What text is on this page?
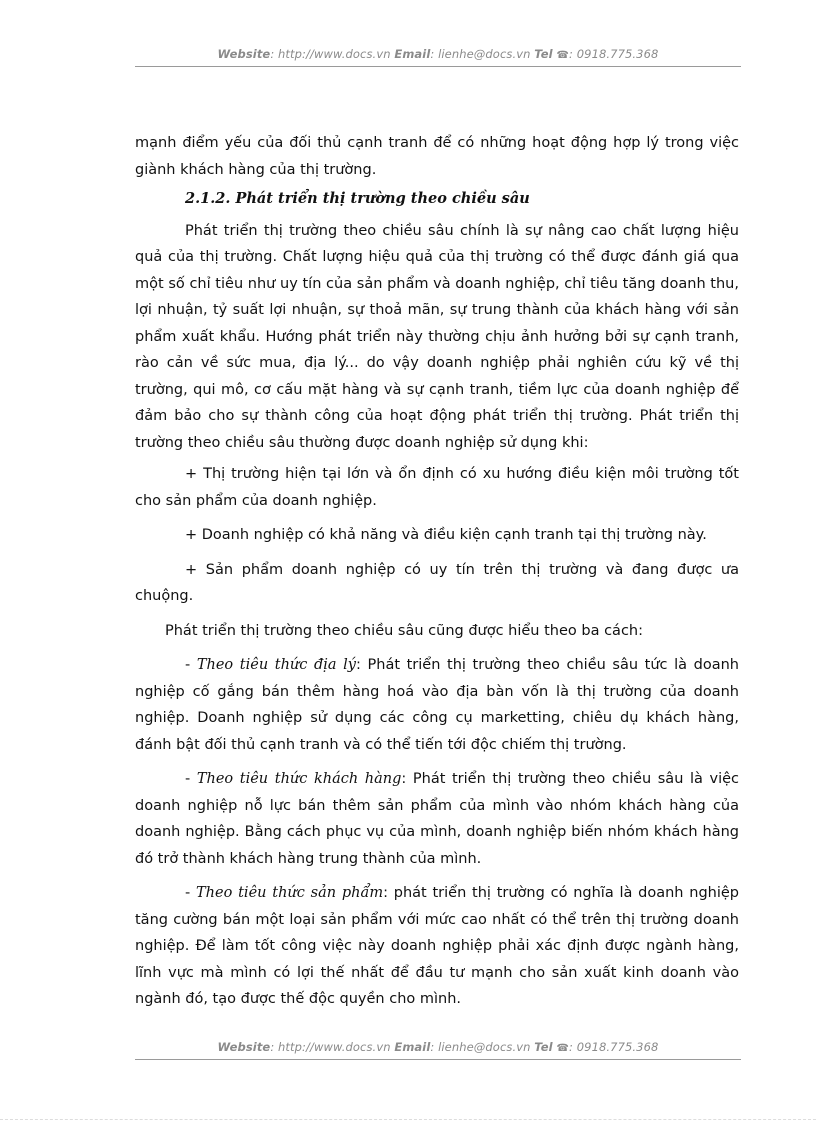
Website: http://www.docs.vn Email: lienhe@docs.vn Tel ☎: 0918.775.368

mạnh điểm yếu của đối thủ cạnh tranh để có những hoạt động hợp lý trong việc giành khách hàng của thị trường.

2.1.2. Phát triển thị trường theo chiều sâu

Phát triển thị trường theo chiều sâu chính là sự nâng cao chất lượng hiệu quả của thị trường. Chất lượng hiệu quả của thị trường có thể được đánh giá qua một số chỉ tiêu như uy tín của sản phẩm và doanh nghiệp, chỉ tiêu tăng doanh thu, lợi nhuận, tỷ suất lợi nhuận, sự thoả mãn, sự trung thành của khách hàng với sản phẩm xuất khẩu. Hướng phát triển này thường chịu ảnh hưởng bởi sự cạnh tranh, rào cản về sức mua, địa lý... do vậy doanh nghiệp phải nghiên cứu kỹ về thị trường, qui mô, cơ cấu mặt hàng và sự cạnh tranh, tiềm lực của doanh nghiệp để đảm bảo cho sự thành công của hoạt động phát triển thị trường. Phát triển thị trường theo chiều sâu thường được doanh nghiệp sử dụng khi:

+ Thị trường hiện tại lớn và ổn định có xu hướng điều kiện môi trường tốt cho sản phẩm của doanh nghiệp.

+ Doanh nghiệp có khả năng và điều kiện cạnh tranh tại thị trường này.

+ Sản phẩm doanh nghiệp có uy tín trên thị trường và đang được ưa chuộng.

Phát triển thị trường theo chiều sâu cũng được hiểu theo ba cách:

- Theo tiêu thức địa lý: Phát triển thị trường theo chiều sâu tức là doanh nghiệp cố gắng bán thêm hàng hoá vào địa bàn vốn là thị trường của doanh nghiệp. Doanh nghiệp sử dụng các công cụ marketting, chiêu dụ khách hàng, đánh bật đối thủ cạnh tranh và có thể tiến tới độc chiếm thị trường.

- Theo tiêu thức khách hàng: Phát triển thị trường theo chiều sâu là việc doanh nghiệp nỗ lực bán thêm sản phẩm của mình vào nhóm khách hàng của doanh nghiệp. Bằng cách phục vụ của mình, doanh nghiệp biến nhóm khách hàng đó trở thành khách hàng trung thành của mình.

- Theo tiêu thức sản phẩm: phát triển thị trường có nghĩa là doanh nghiệp tăng cường bán một loại sản phẩm với mức cao nhất có thể trên thị trường doanh nghiệp. Để làm tốt công việc này doanh nghiệp phải xác định được ngành hàng, lĩnh vực mà mình có lợi thế nhất để đầu tư mạnh cho sản xuất kinh doanh vào ngành đó, tạo được thế độc quyền cho mình.

Website: http://www.docs.vn Email: lienhe@docs.vn Tel ☎: 0918.775.368
